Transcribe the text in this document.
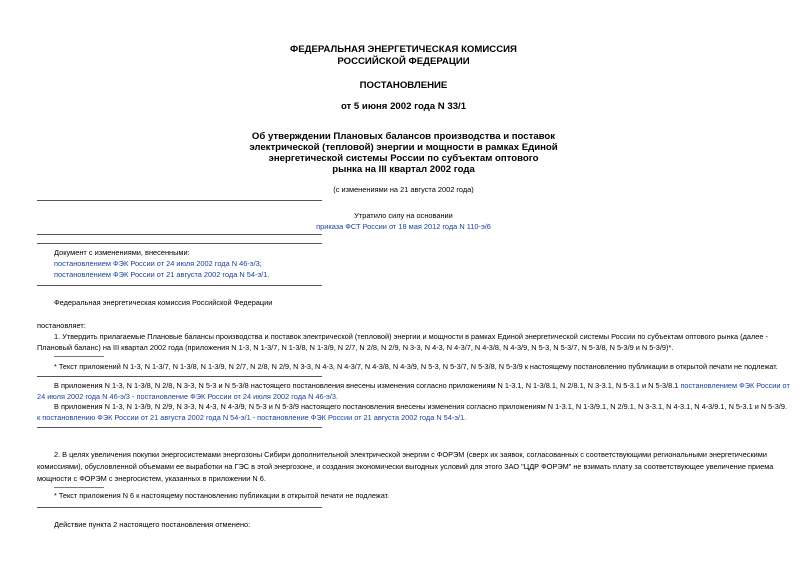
ФЕДЕРАЛЬНАЯ ЭНЕРГЕТИЧЕСКАЯ КОМИССИЯ
РОССИЙСКОЙ ФЕДЕРАЦИИ
ПОСТАНОВЛЕНИЕ
от 5 июня 2002 года N 33/1
Об утверждении Плановых балансов производства и поставок
электрической (тепловой) энергии и мощности в рамках Единой
энергетической системы России по субъектам оптового
рынка на III квартал 2002 года
(с изменениями на 21 августа 2002 года)
Утратило силу на основании
приказа ФСТ России от 18 мая 2012 года N 110-э/6
Документ с изменениями, внесенными:
постановлением ФЭК России от 24 июля 2002 года N 46-э/3;
постановлением ФЭК России от 21 августа 2002 года N 54-э/1.
Федеральная энергетическая комиссия Российской Федерации
постановляет:
1. Утвердить прилагаемые Плановые балансы производства и поставок электрической (тепловой) энергии и мощности в рамках Единой энергетической системы России по субъектам оптового рынка (далее -
Плановый баланс) на III квартал 2002 года (приложения N 1-3, N 1-3/7, N 1-3/8, N 1-3/9, N 2/7, N 2/8, N 2/9, N 3-3, N 4-3, N 4-3/7, N 4-3/8, N 4-3/9, N 5-3, N 5-3/7, N 5-3/8, N 5-3/9 и N 5-3/9)*.
* Текст приложений N 1-3, N 1-3/7, N 1-3/8, N 1-3/9, N 2/7, N 2/8, N 2/9, N 3-3, N 4-3, N 4-3/7, N 4-3/8, N 4-3/9, N 5-3, N 5-3/7, N 5-3/8, N 5-3/9 к настоящему постановлению публикации в открытой печати не подлежат.
В приложения N 1-3, N 1-3/8, N 2/8, N 3-3, N 5-3 и N 5-3/8 настоящего постановления внесены изменения согласно приложениям N 1-3.1, N 1-3/8.1, N 2/8.1, N 3-3.1, N 5-3.1 и N 5-3/8.1 постановлением ФЭК России от
24 июля 2002 года N 46-э/3 - постановление ФЭК России от 24 июля 2002 года N 46-э/3.
В приложения N 1-3, N 1-3/9, N 2/9, N 3-3, N 4-3, N 4-3/9, N 5-3 и N 5-3/9 настоящего постановления внесены изменения согласно приложениям N 1-3.1, N 1-3/9.1, N 2/9.1, N 3-3.1, N 4-3.1, N 4-3/9.1, N 5-3.1 и N 5-3/9.
к постановлению ФЭК России от 21 августа 2002 года N 54-э/1 - постановление ФЭК России от 21 августа 2002 года N 54-э/1.
2. В целях увеличения покупки энергосистемами энергозоны Сибири дополнительной электрической энергии с ФОРЭМ (сверх их заявок, согласованных с соответствующими региональными энергетическими
комиссиями), обусловленной объемами ее выработки на ГЭС в этой энергозоне, и создания экономически выгодных условий для этого ЗАО "ЦДР ФОРЭМ" не взимать плату за соответствующее увеличение приема
мощности с ФОРЭМ с энергосистем, указанных в приложении N 6.
* Текст приложения N 6 к настоящему постановлению публикации в открытой печати не подлежат.
Действие пункта 2 настоящего постановления отменено:
